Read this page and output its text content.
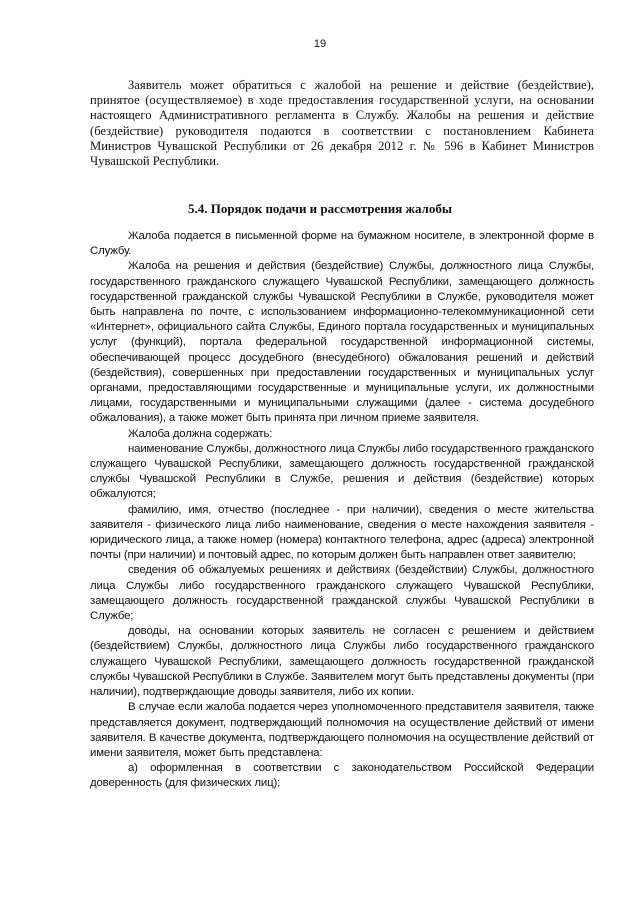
19

Заявитель может обратиться с жалобой на решение и действие (бездействие), принятое (осуществляемое) в ходе предоставления государственной услуги, на основании настоящего Административного регламента в Службу. Жалобы на решения и действие (бездействие) руководителя подаются в соответствии с постановлением Кабинета Министров Чувашской Республики от 26 декабря 2012 г. № 596 в Кабинет Министров Чувашской Республики.

5.4. Порядок подачи и рассмотрения жалобы

Жалоба подается в письменной форме на бумажном носителе, в электронной форме в Службу.

Жалоба на решения и действия (бездействие) Службы, должностного лица Службы, государственного гражданского служащего Чувашской Республики, замещающего должность государственной гражданской службы Чувашской Республики в Службе, руководителя может быть направлена по почте, с использованием информационно-телекоммуникационной сети «Интернет», официального сайта Службы, Единого портала государственных и муниципальных услуг (функций), портала федеральной государственной информационной системы, обеспечивающей процесс досудебного (внесудебного) обжалования решений и действий (бездействия), совершенных при предоставлении государственных и муниципальных услуг органами, предоставляющими государственные и муниципальные услуги, их должностными лицами, государственными и муниципальными служащими (далее - система досудебного обжалования), а также может быть принята при личном приеме заявителя.

Жалоба должна содержать:

наименование Службы, должностного лица Службы либо государственного гражданского служащего Чувашской Республики, замещающего должность государственной гражданской службы Чувашской Республики в Службе, решения и действия (бездействие) которых обжалуются;

фамилию, имя, отчество (последнее - при наличии), сведения о месте жительства заявителя - физического лица либо наименование, сведения о месте нахождения заявителя - юридического лица, а также номер (номера) контактного телефона, адрес (адреса) электронной почты (при наличии) и почтовый адрес, по которым должен быть направлен ответ заявителю;

сведения об обжалуемых решениях и действиях (бездействии) Службы, должностного лица Службы либо государственного гражданского служащего Чувашской Республики, замещающего должность государственной гражданской службы Чувашской Республики в Службе;

доводы, на основании которых заявитель не согласен с решением и действием (бездействием) Службы, должностного лица Службы либо государственного гражданского служащего Чувашской Республики, замещающего должность государственной гражданской службы Чувашской Республики в Службе. Заявителем могут быть представлены документы (при наличии), подтверждающие доводы заявителя, либо их копии.

В случае если жалоба подается через уполномоченного представителя заявителя, также представляется документ, подтверждающий полномочия на осуществление действий от имени заявителя. В качестве документа, подтверждающего полномочия на осуществление действий от имени заявителя, может быть представлена:

а) оформленная в соответствии с законодательством Российской Федерации доверенность (для физических лиц);
